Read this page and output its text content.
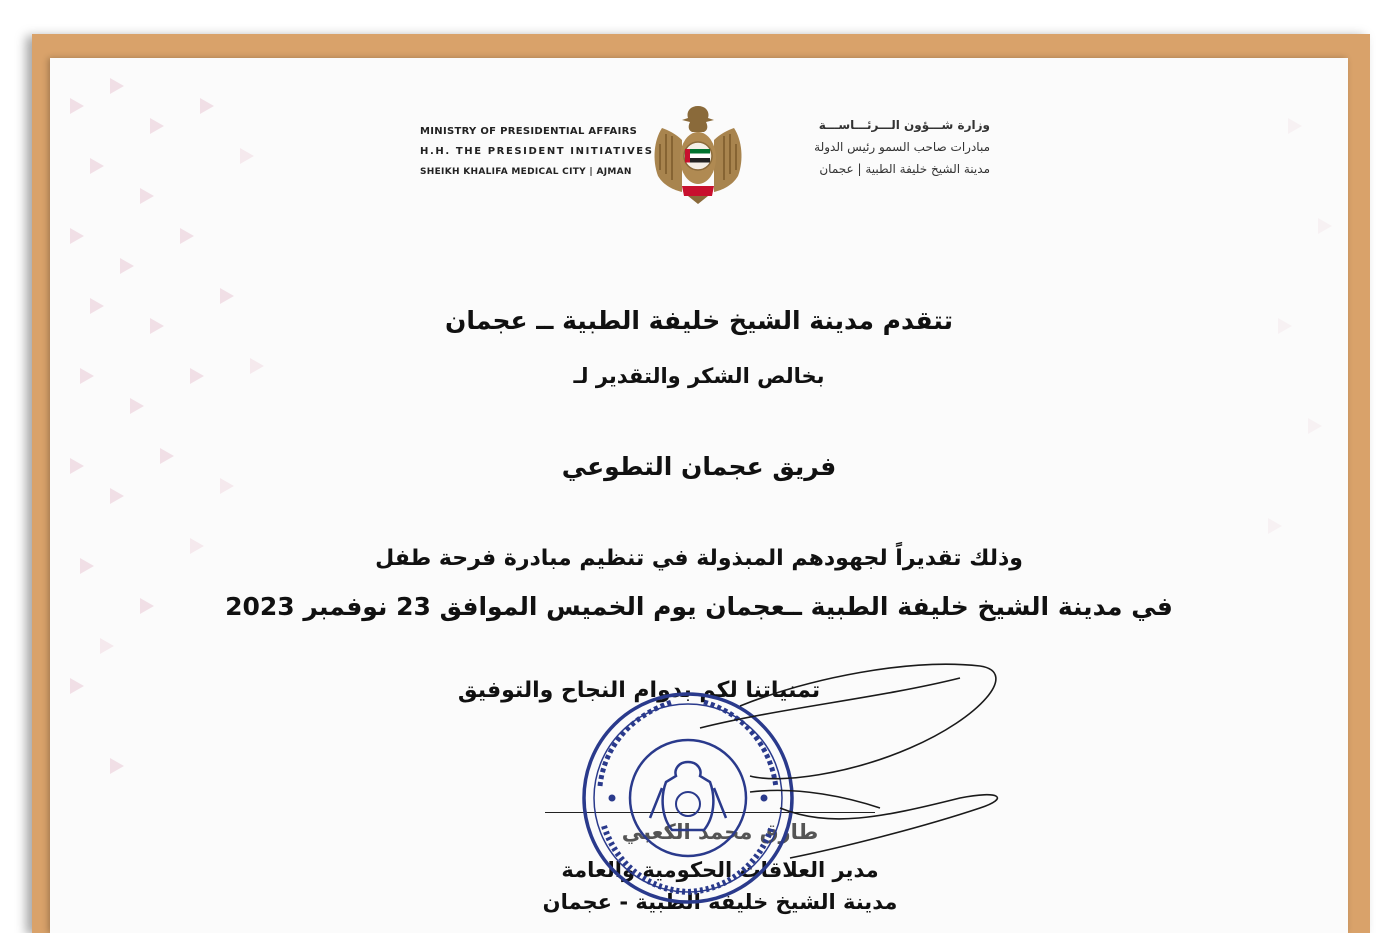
MINISTRY OF PRESIDENTIAL AFFAIRS
H.H. THE PRESIDENT INITIATIVES
SHEIKH KHALIFA MEDICAL CITY | AJMAN
وزارة شـــؤون الـــرئـــاســـة
مبادرات صاحب السمو رئيس الدولة
مدينة الشيخ خليفة الطبية | عجمان
تتقدم مدينة الشيخ خليفة الطبية ــ عجمان
بخالص الشكر والتقدير لـ
فريق عجمان التطوعي
وذلك تقديراً لجهودهم المبذولة في تنظيم مبادرة فرحة طفل
في مدينة الشيخ خليفة الطبية ــعجمان يوم الخميس الموافق 23 نوفمبر 2023
تمنياتنا لكم بدوام النجاح والتوفيق
طارق محمد الكعبي
مدير العلاقات الحكومية والعامة
مدينة الشيخ خليفة الطبية - عجمان
